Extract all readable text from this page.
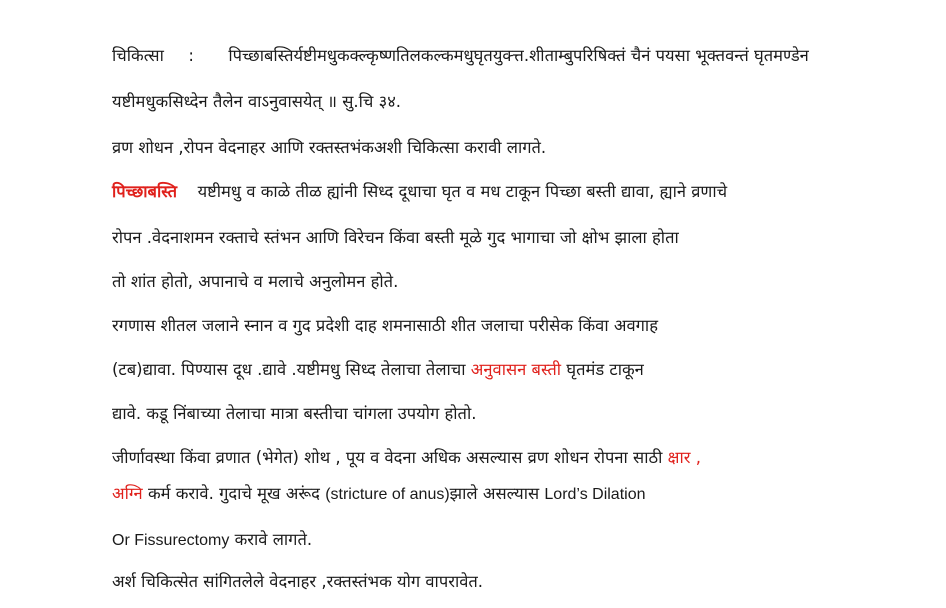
चिकित्सा : पिच्छाबस्तिर्यष्टीमधुकक्ल्कृष्णतिलकल्कमधुघृतयुक्त्त.शीताम्बुपरिषिक्तं चैनं पयसा भूक्तवन्तं घृतमण्डेन
यष्टीमधुकसिध्देन तैलेन वाऽनुवासयेत् ॥ सु.चि ३४.
व्रण शोधन ,रोपन वेदनाहर आणि रक्तस्तभंकअशी चिकित्सा करावी लागते.
पिच्छाबस्ति यष्टीमधु व काळे तीळ ह्यांनी सिध्द दूधाचा घृत व मध टाकून पिच्छा बस्ती द्यावा, ह्याने व्रणाचे
रोपन .वेदनाशमन रक्ताचे स्तंभन आणि विरेचन किंवा बस्ती मूळे गुद भागाचा जो क्षोभ झाला होता
तो शांत होतो, अपानाचे व मलाचे अनुलोमन होते.
रगणास शीतल जलाने स्नान व गुद प्रदेशी दाह शमनासाठी शीत जलाचा परीसेक किंवा अवगाह
(टब)द्यावा. पिण्यास दूध .द्यावे .यष्टीमधु सिध्द तेलाचा तेलाचा अनुवासन बस्ती घृतमंड टाकून
द्यावे. कडू निंबाच्या तेलाचा मात्रा बस्तीचा चांगला उपयोग होतो.
जीर्णावस्था किंवा व्रणात (भेगेत) शोथ , पूय व वेदना अधिक असल्यास व्रण शोधन रोपना साठी क्षार ,
अग्नि कर्म करावे. गुदाचे मूख अरूंद (stricture of anus)झाले असल्यास Lord’s Dilation
Or Fissurectomy करावे लागते.
अर्श चिकित्सेत सांगितलेले वेदनाहर ,रक्तस्तंभक योग वापरावेत.
